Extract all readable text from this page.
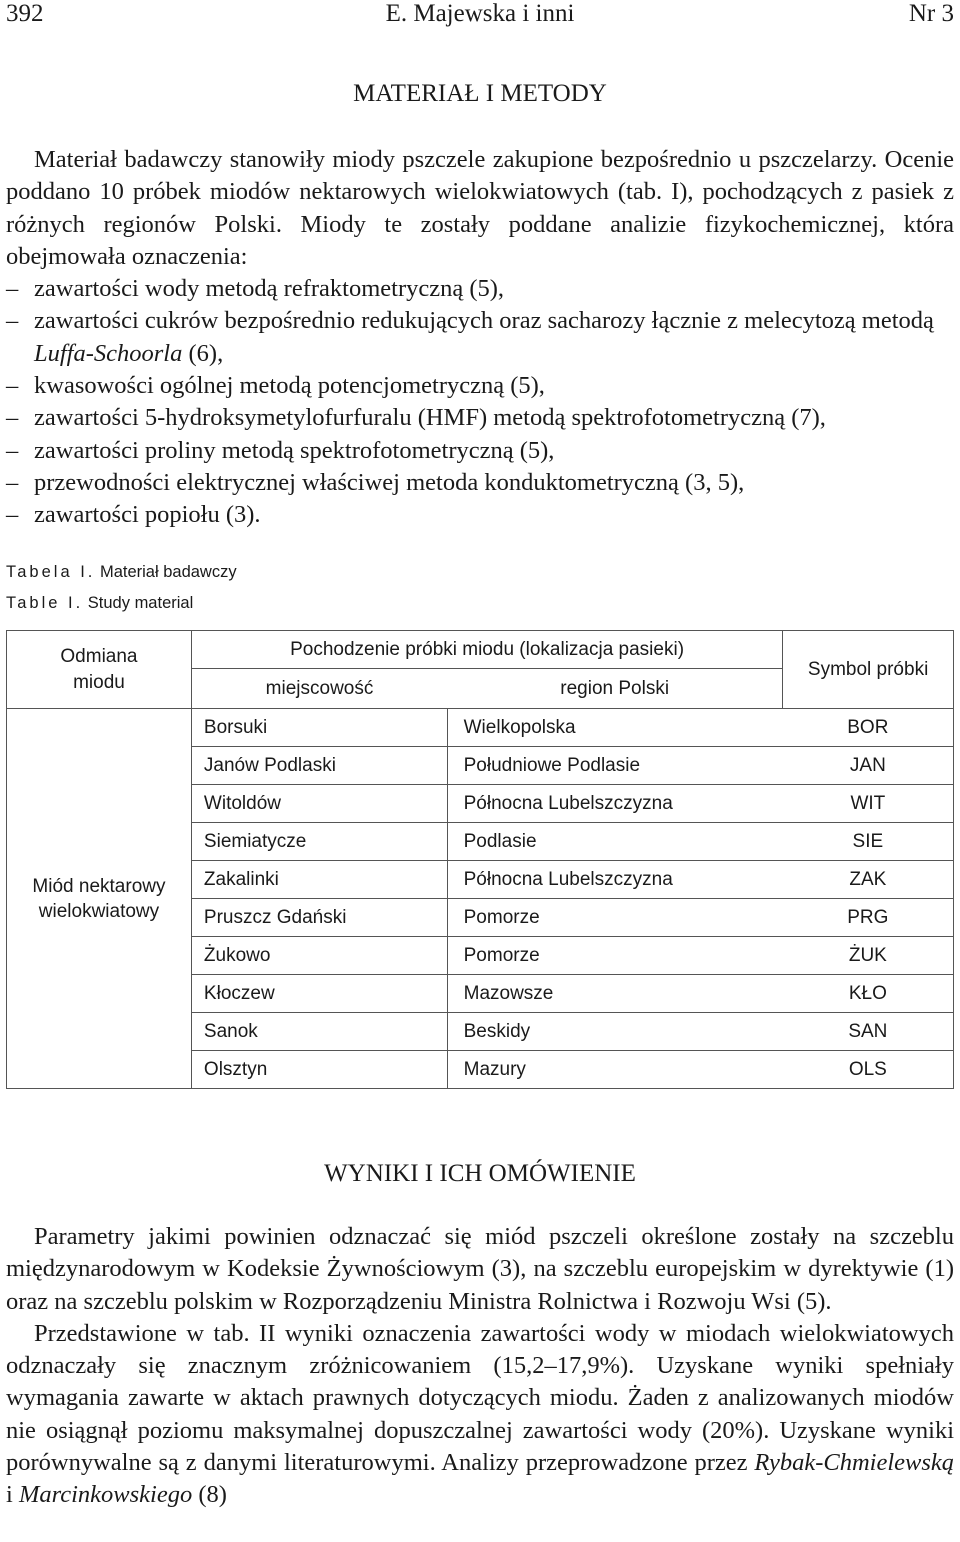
392	E. Majewska i inni	Nr 3
MATERIAŁ I METODY

Materiał badawczy stanowiły miody pszczele zakupione bezpośrednio u pszczelarzy. Ocenie poddano 10 próbek miodów nektarowych wielokwiatowych (tab. I), pochodzących z pasiek z różnych regionów Polski. Miody te zostały poddane analizie fizykochemicznej, która obejmowała oznaczenia:

– zawartości wody metodą refraktometryczną (5),
– zawartości cukrów bezpośrednio redukujących oraz sacharozy łącznie z melecytozą metodą Luffa-Schoorla (6),
– kwasowości ogólnej metodą potencjometryczną (5),
– zawartości 5-hydroksymetylofurfuralu (HMF) metodą spektrofotometryczną (7),
– zawartości proliny metodą spektrofotometryczną (5),
– przewodności elektrycznej właściwej metoda konduktometryczną (3, 5),
– zawartości popiołu (3).
Tabela I. Materiał badawczy
Table I. Study material
Odmiana miodu	Pochodzenie próbki miodu (lokalizacja pasieki)		Symbol próbki
	miejscowość	region Polski	
Miód nektarowy wielokwiatowy	Borsuki	Wielkopolska	BOR
	Janów Podlaski	Południowe Podlasie	JAN
	Witoldów	Północna Lubelszczyzna	WIT
	Siemiatycze	Podlasie	SIE
	Zakalinki	Północna Lubelszczyzna	ZAK
	Pruszcz Gdański	Pomorze	PRG
	Żukowo	Pomorze	ŻUK
	Kłoczew	Mazowsze	KŁO
	Sanok	Beskidy	SAN
	Olsztyn	Mazury	OLS
WYNIKI I ICH OMÓWIENIE

Parametry jakimi powinien odznaczać się miód pszczeli określone zostały na szczeblu międzynarodowym w Kodeksie Żywnościowym (3), na szczeblu europejskim w dyrektywie (1) oraz na szczeblu polskim w Rozporządzeniu Ministra Rolnictwa i Rozwoju Wsi (5).

Przedstawione w tab. II wyniki oznaczenia zawartości wody w miodach wielokwiatowych odznaczały się znacznym zróżnicowaniem (15,2–17,9%). Uzyskane wyniki spełniały wymagania zawarte w aktach prawnych dotyczących miodu. Żaden z analizowanych miodów nie osiągnął poziomu maksymalnej dopuszczalnej zawartości wody (20%). Uzyskane wyniki porównywalne są z danymi literaturowymi. Analizy przeprowadzone przez Rybak-Chmielewską i Marcinkowskiego (8)
